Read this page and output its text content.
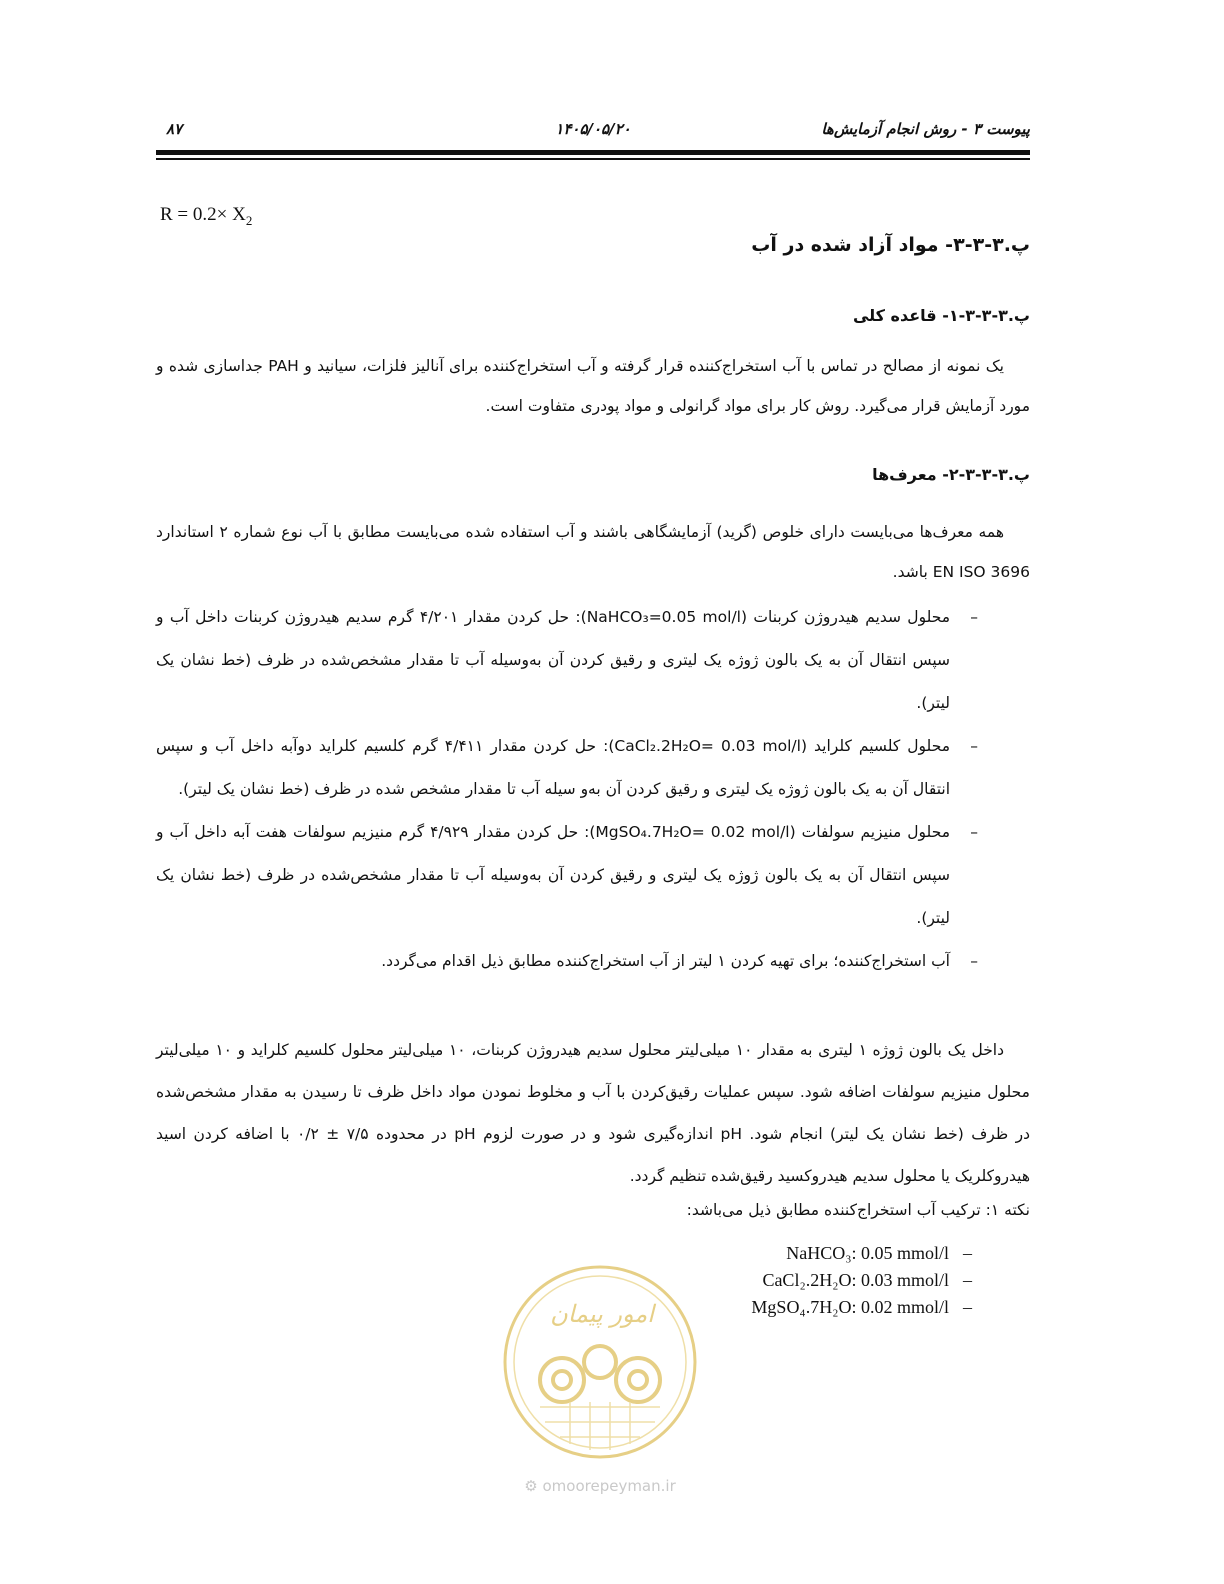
پیوست ۳ - روش انجام آزمایش‌ها
۱۴۰۵/۰۵/۲۰
۸۷
$R = 0.2\times X_2$
پ.۳-۳-۳- مواد آزاد شده در آب
پ.۳-۳-۳-۱- قاعده کلی
یک نمونه از مصالح در تماس با آب استخراج‌کننده قرار گرفته و آب استخراج‌کننده برای آنالیز فلزات، سیانید و PAH جداسازی شده و مورد آزمایش قرار می‌گیرد. روش کار برای مواد گرانولی و مواد پودری متفاوت است.
پ.۳-۳-۳-۲- معرف‌ها
همه معرف‌ها می‌بایست دارای خلوص (گرید) آزمایشگاهی باشند و آب استفاده شده می‌بایست مطابق با آب نوع شماره ۲ استاندارد EN ISO 3696 باشد.
–
محلول سدیم هیدروژن کربنات (NaHCO₃=0.05 mol/l): حل کردن مقدار ۴/۲۰۱ گرم سدیم هیدروژن کربنات داخل آب و سپس انتقال آن به یک بالون ژوژه یک لیتری و رقیق کردن آن به‌وسیله آب تا مقدار مشخص‌شده در ظرف (خط نشان یک لیتر).
–
محلول کلسیم کلراید (CaCl₂.2H₂O= 0.03 mol/l): حل کردن مقدار ۴/۴۱۱ گرم کلسیم کلراید دوآبه داخل آب و سپس انتقال آن به یک بالون ژوژه یک لیتری و رقیق کردن آن به‌و سیله آب تا مقدار مشخص شده در ظرف (خط نشان یک لیتر).
–
محلول منیزیم سولفات (MgSO₄.7H₂O= 0.02 mol/l): حل کردن مقدار ۴/۹۲۹ گرم منیزیم سولفات هفت آبه داخل آب و سپس انتقال آن به یک بالون ژوژه یک لیتری و رقیق کردن آن به‌وسیله آب تا مقدار مشخص‌شده در ظرف (خط نشان یک لیتر).
–
آب استخراج‌کننده؛ برای تهیه کردن ۱ لیتر از آب استخراج‌کننده مطابق ذیل اقدام می‌گردد.
داخل یک بالون ژوژه ۱ لیتری به مقدار ۱۰ میلی‌لیتر محلول سدیم هیدروژن کربنات، ۱۰ میلی‌لیتر محلول کلسیم کلراید و ۱۰ میلی‌لیتر محلول منیزیم سولفات اضافه شود. سپس عملیات رقیق‌کردن با آب و مخلوط نمودن مواد داخل ظرف تا رسیدن به مقدار مشخص‌شده در ظرف (خط نشان یک لیتر) انجام شود. pH اندازه‌گیری شود و در صورت لزوم pH در محدوده ۷/۵ ± ۰/۲ با اضافه کردن اسید هیدروکلریک یا محلول سدیم هیدروکسید رقیق‌شده تنظیم گردد.
نکته ۱: ترکیب آب استخراج‌کننده مطابق ذیل می‌باشد:
NaHCO₃: 0.05 mmol/l –
CaCl₂.2H₂O: 0.03 mmol/l –
MgSO₄.7H₂O: 0.02 mmol/l –
امور پیمان
⚙ omoorepeyman.ir
